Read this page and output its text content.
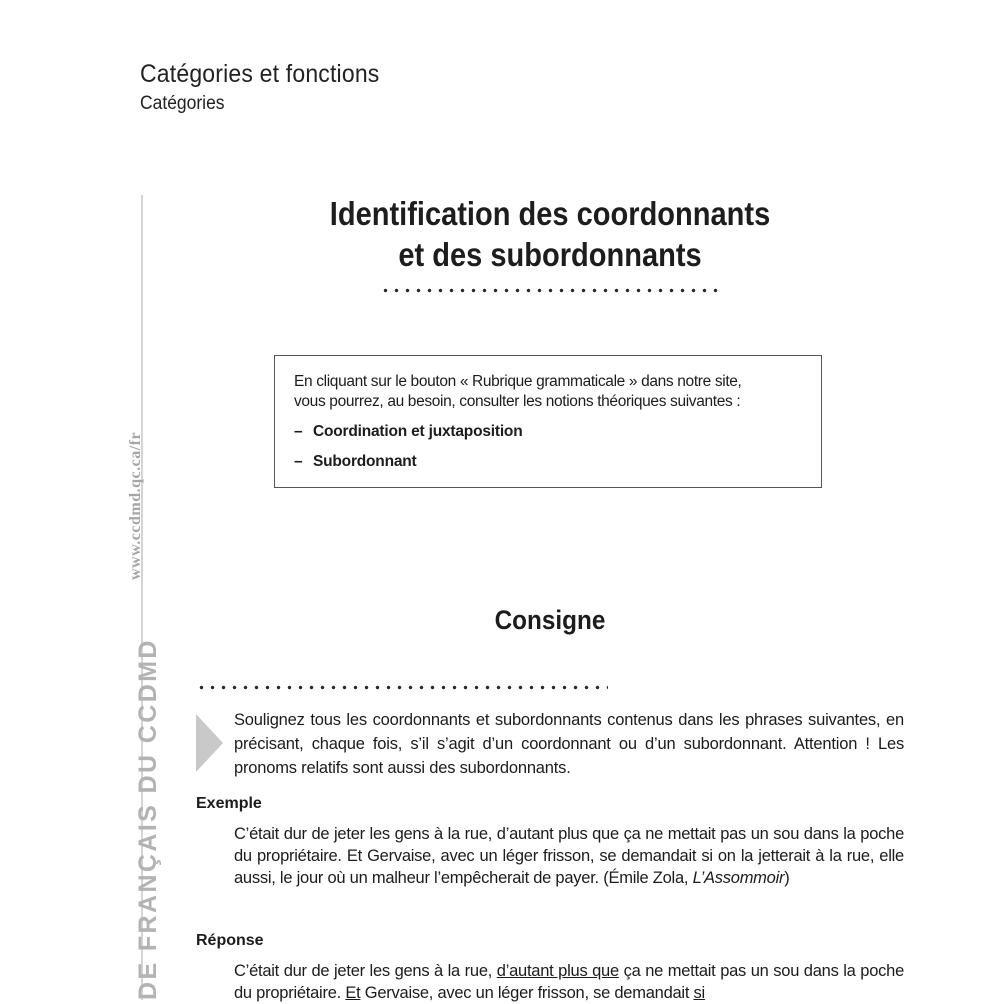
Catégories et fonctions
Catégories
www.ccdmd.qc.ca/fr
DE FRANÇAIS DU CCDMD
Identification des coordonnants
et des subordonnants

En cliquant sur le bouton « Rubrique grammaticale » dans notre site,
vous pourrez, au besoin, consulter les notions théoriques suivantes :

– Coordination et juxtaposition
– Subordonnant
Consigne
Soulignez tous les coordonnants et subordonnants contenus dans les phrases suivantes, en précisant, chaque fois, s’il s’agit d’un coordonnant ou d’un subordonnant. Attention ! Les pronoms relatifs sont aussi des subordonnants.
Exemple
C’était dur de jeter les gens à la rue, d’autant plus que ça ne mettait pas un sou dans la poche du propriétaire. Et Gervaise, avec un léger frisson, se demandait si on la jetterait à la rue, elle aussi, le jour où un malheur l’empêcherait de payer. (Émile Zola, L’Assommoir)
Réponse
C’était dur de jeter les gens à la rue, d’autant plus que ça ne mettait pas un sou dans la poche du propriétaire. Et Gervaise, avec un léger frisson, se demandait si
